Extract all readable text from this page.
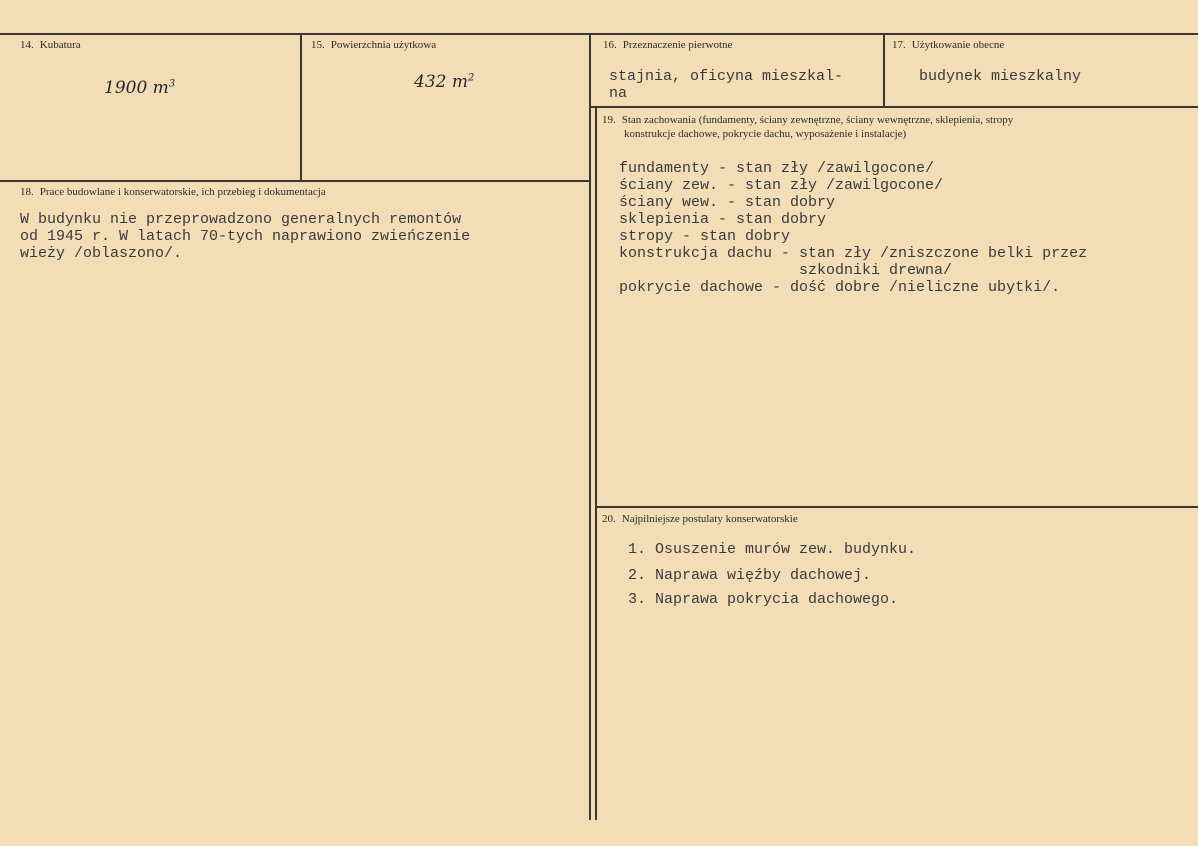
14. Kubatura
1900 $m^3$
15. Powierzchnia użytkowa
432 $m^2$
16. Przeznaczenie pierwotne
stajnia, oficyna mieszkal-
na
17. Użytkowanie obecne
budynek mieszkalny
18. Prace budowlane i konserwatorskie, ich przebieg i dokumentacja
W budynku nie przeprowadzono generalnych remontów
od 1945 r. W latach 70-tych naprawiono zwieńczenie
wieży /oblaszono/.
19. Stan zachowania (fundamenty, ściany zewnętrzne, ściany wewnętrzne, sklepienia, stropy
konstrukcje dachowe, pokrycie dachu, wyposażenie i instalacje)
fundamenty - stan zły /zawilgocone/
ściany zew. - stan zły /zawilgocone/
ściany wew. - stan dobry
sklepienia - stan dobry
stropy - stan dobry
konstrukcja dachu - stan zły /zniszczone belki przez
szkodniki drewna/
pokrycie dachowe - dość dobre /nieliczne ubytki/.
20. Najpilniejsze postulaty konserwatorskie
1. Osuszenie murów zew. budynku.
2. Naprawa więźby dachowej.
3. Naprawa pokrycia dachowego.
